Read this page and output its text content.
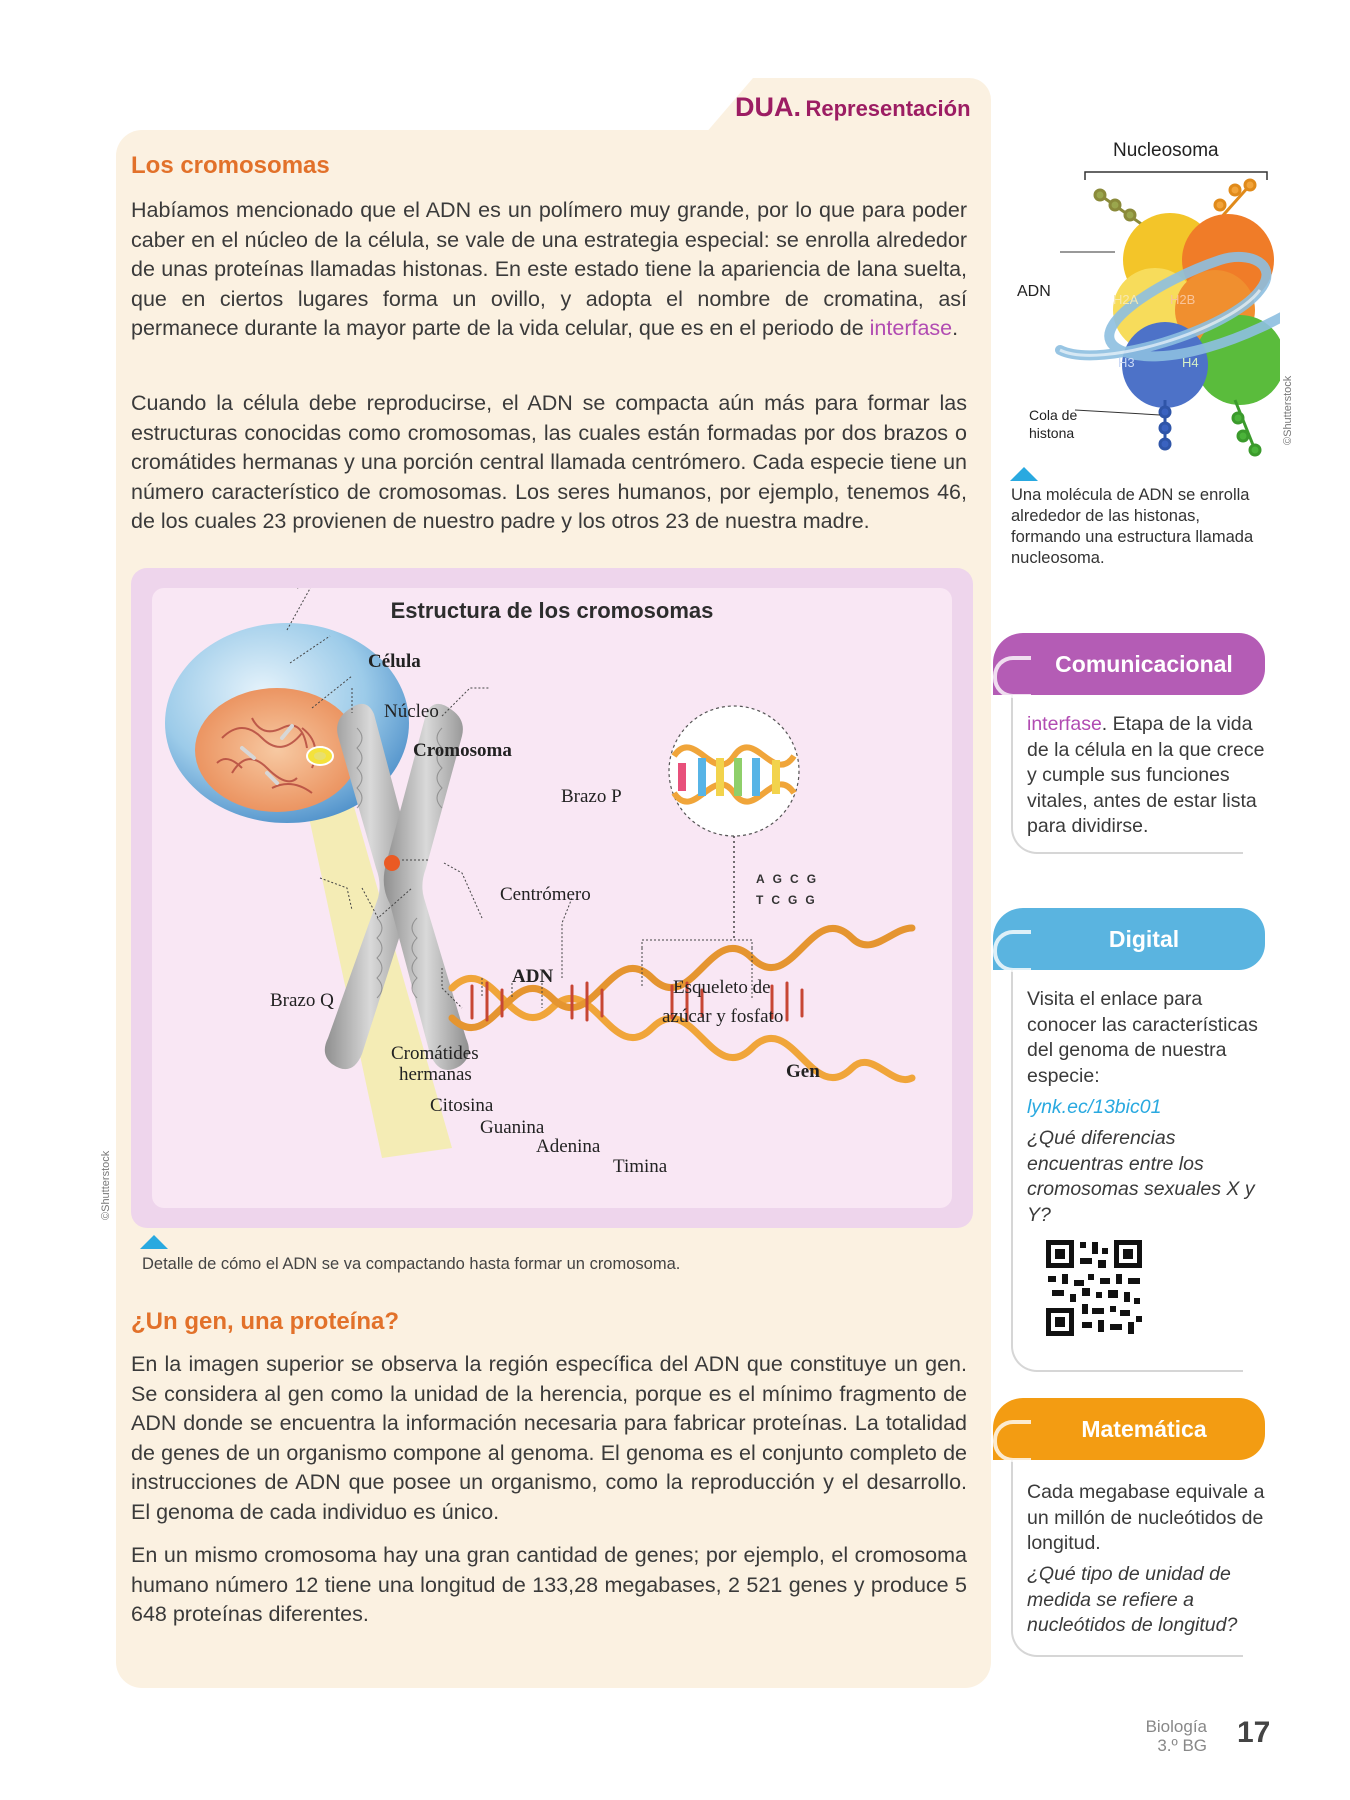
DUA. Representación
Los cromosomas

Habíamos mencionado que el ADN es un polímero muy grande, por lo que para poder caber en el núcleo de la célula, se vale de una estrategia especial: se enrolla alrededor de unas proteínas llamadas histonas. En este estado tiene la apariencia de lana suelta, que en ciertos lugares forma un ovillo, y adopta el nombre de cromatina, así permanece durante la mayor parte de la vida celular, que es en el periodo de interfase.

Cuando la célula debe reproducirse, el ADN se compacta aún más para formar las estructuras conocidas como cromosomas, las cuales están formadas por dos brazos o cromátides hermanas y una porción central llamada centrómero. Cada especie tiene un número característico de cromosomas. Los seres humanos, por ejemplo, tenemos 46, de los cuales 23 provienen de nuestro padre y los otros 23 de nuestra madre.

Estructura de los cromosomas
Célula
Núcleo
Cromosoma
Brazo P
Centrómero
ADN
Brazo Q
Esqueleto de
azúcar y fosfato
Cromátides
hermanas	Gen
Citosina
Guanina
Adenina
Timina
A G C G
T C G G
©Shutterstock
Detalle de cómo el ADN se va compactando hasta formar un cromosoma.
¿Un gen, una proteína?

En la imagen superior se observa la región específica del ADN que constituye un gen. Se considera al gen como la unidad de la herencia, porque es el mínimo fragmento de ADN donde se encuentra la información necesaria para fabricar proteínas. La totalidad de genes de un organismo compone al genoma. El genoma es el conjunto completo de instrucciones de ADN que posee un organismo, como la reproducción y el desarrollo. El genoma de cada individuo es único.

En un mismo cromosoma hay una gran cantidad de genes; por ejemplo, el cromosoma humano número 12 tiene una longitud de 133,28 megabases, 2 521 genes y produce 5 648 proteínas diferentes.

Nucleosoma
H2A H2B
H3	H4
ADN
Cola de
histona	©Shutterstock
Una molécula de ADN se enrolla alrededor de las histonas, formando una estructura llamada nucleosoma.
Comunicacional
interfase. Etapa de la vida de la célula en la que crece y cumple sus funciones vitales, antes de estar lista para dividirse.
Digital
Visita el enlace para conocer las características del genoma de nuestra especie:
lynk.ec/13bic01
¿Qué diferencias encuentras entre los cromosomas sexuales X y Y?
Matemática
Cada megabase equivale a un millón de nucleótidos de longitud.
¿Qué tipo de unidad de medida se refiere a nucleótidos de longitud?
Biología
3.º BG 17
